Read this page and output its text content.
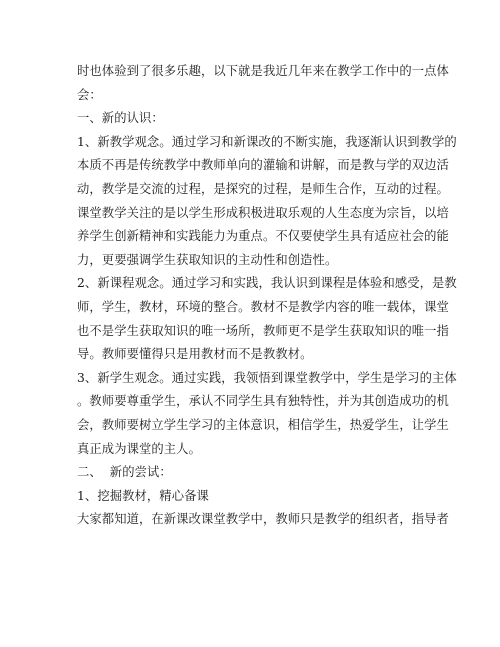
时也体验到了很多乐趣，以下就是我近几年来在教学工作中的一点体
会：
一、新的认识：
1、新教学观念。通过学习和新课改的不断实施，我逐渐认识到教学的
本质不再是传统教学中教师单向的灌输和讲解，而是教与学的双边活
动，教学是交流的过程，是探究的过程，是师生合作，互动的过程。
课堂教学关注的是以学生形成积极进取乐观的人生态度为宗旨，以培
养学生创新精神和实践能力为重点。不仅要使学生具有适应社会的能
力，更要强调学生获取知识的主动性和创造性。
2、新课程观念。通过学习和实践，我认识到课程是体验和感受，是教
师，学生，教材，环境的整合。教材不是教学内容的唯一载体，课堂
也不是学生获取知识的唯一场所，教师更不是学生获取知识的唯一指
导。教师要懂得只是用教材而不是教教材。
3、新学生观念。通过实践，我领悟到课堂教学中，学生是学习的主体
。教师要尊重学生，承认不同学生具有独特性，并为其创造成功的机
会，教师要树立学生学习的主体意识，相信学生，热爱学生，让学生
真正成为课堂的主人。
二、  新的尝试：
1、挖掘教材，精心备课
大家都知道，在新课改课堂教学中，教师只是教学的组织者，指导者
